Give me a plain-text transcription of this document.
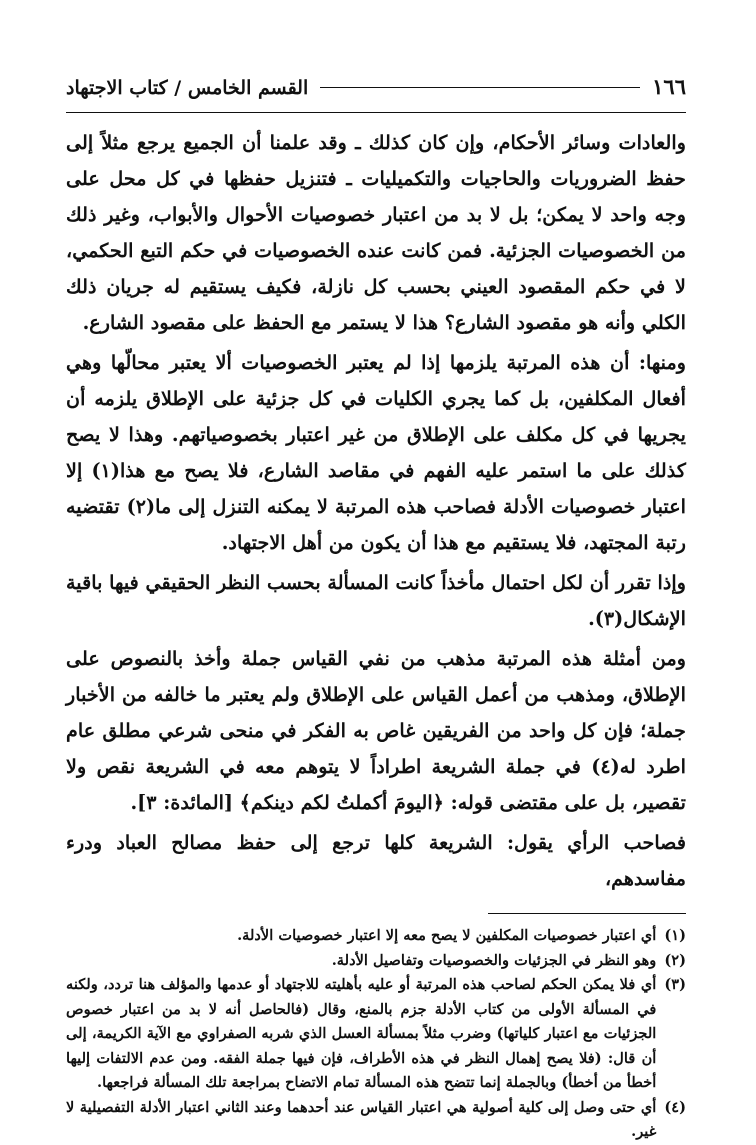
١٦٦
القسم الخامس / كتاب الاجتهاد

والعادات وسائر الأحكام، وإن كان كذلك ـ وقد علمنا أن الجميع يرجع مثلاً إلى حفظ الضروريات والحاجيات والتكميليات ـ فتنزيل حفظها في كل محل على وجه واحد لا يمكن؛ بل لا بد من اعتبار خصوصيات الأحوال والأبواب، وغير ذلك من الخصوصيات الجزئية. فمن كانت عنده الخصوصيات في حكم التبع الحكمي، لا في حكم المقصود العيني بحسب كل نازلة، فكيف يستقيم له جريان ذلك الكلي وأنه هو مقصود الشارع؟ هذا لا يستمر مع الحفظ على مقصود الشارع.

ومنها: أن هذه المرتبة يلزمها إذا لم يعتبر الخصوصيات ألا يعتبر محالّها وهي أفعال المكلفين، بل كما يجري الكليات في كل جزئية على الإطلاق يلزمه أن يجريها في كل مكلف على الإطلاق من غير اعتبار بخصوصياتهم. وهذا لا يصح كذلك على ما استمر عليه الفهم في مقاصد الشارع، فلا يصح مع هذا(١) إلا اعتبار خصوصيات الأدلة فصاحب هذه المرتبة لا يمكنه التنزل إلى ما(٢) تقتضيه رتبة المجتهد، فلا يستقيم مع هذا أن يكون من أهل الاجتهاد.

وإذا تقرر أن لكل احتمال مأخذاً كانت المسألة بحسب النظر الحقيقي فيها باقية الإشكال(٣).

ومن أمثلة هذه المرتبة مذهب من نفي القياس جملة وأخذ بالنصوص على الإطلاق، ومذهب من أعمل القياس على الإطلاق ولم يعتبر ما خالفه من الأخبار جملة؛ فإن كل واحد من الفريقين غاص به الفكر في منحى شرعي مطلق عام اطرد له(٤) في جملة الشريعة اطراداً لا يتوهم معه في الشريعة نقص ولا تقصير، بل على مقتضى قوله: ﴿اليومَ أكملتُ لكم دينكم﴾ [المائدة: ٣].

فصاحب الرأي يقول: الشريعة كلها ترجع إلى حفظ مصالح العباد ودرء مفاسدهم،

(١)
أي اعتبار خصوصيات المكلفين لا يصح معه إلا اعتبار خصوصيات الأدلة.
(٢)
وهو النظر في الجزئيات والخصوصيات وتفاصيل الأدلة.
(٣)
أي فلا يمكن الحكم لصاحب هذه المرتبة أو عليه بأهليته للاجتهاد أو عدمها والمؤلف هنا تردد، ولكنه في المسألة الأولى من كتاب الأدلة جزم بالمنع، وقال (فالحاصل أنه لا بد من اعتبار خصوص الجزئيات مع اعتبار كلياتها) وضرب مثلاً بمسألة العسل الذي شربه الصفراوي مع الآية الكريمة، إلى أن قال: (فلا يصح إهمال النظر في هذه الأطراف، فإن فيها جملة الفقه. ومن عدم الالتفات إليها أخطأ من أخطأ) وبالجملة إنما تتضح هذه المسألة تمام الاتضاح بمراجعة تلك المسألة فراجعها.
(٤)
أي حتى وصل إلى كلية أصولية هي اعتبار القياس عند أحدهما وعند الثاني اعتبار الأدلة التفصيلية لا غير.
